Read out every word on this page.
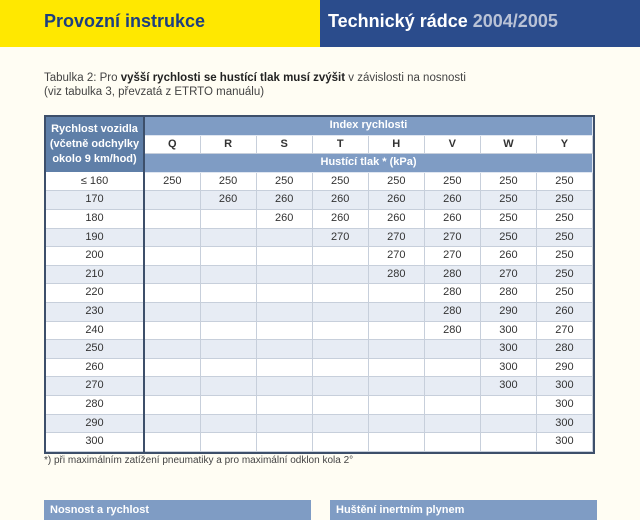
Provozní instrukce	Technický rádce 2004/2005
Tabulka 2: Pro vyšší rychlosti se hustící tlak musí zvýšit v závislosti na nosnosti
(viz tabulka 3, převzatá z ETRTO manuálu)
Rychlost vozidla (včetně odchylky okolo 9 km/hod)	Index rychlosti							
	Q	R	S	T	H	V	W	Y
	Hustící tlak * (kPa)							
≤ 160	250	250	250	250	250	250	250	250
170		260	260	260	260	260	250	250
180			260	260	260	260	250	250
190				270	270	270	250	250
200					270	270	260	250
210					280	280	270	250
220						280	280	250
230						280	290	260
240						280	300	270
250							300	280
260							300	290
270							300	300
280								300
290								300
300								300
*) při maximálním zatížení pneumatiky a pro maximální odklon kola 2°
Nosnost a rychlost	Huštění inertním plynem
